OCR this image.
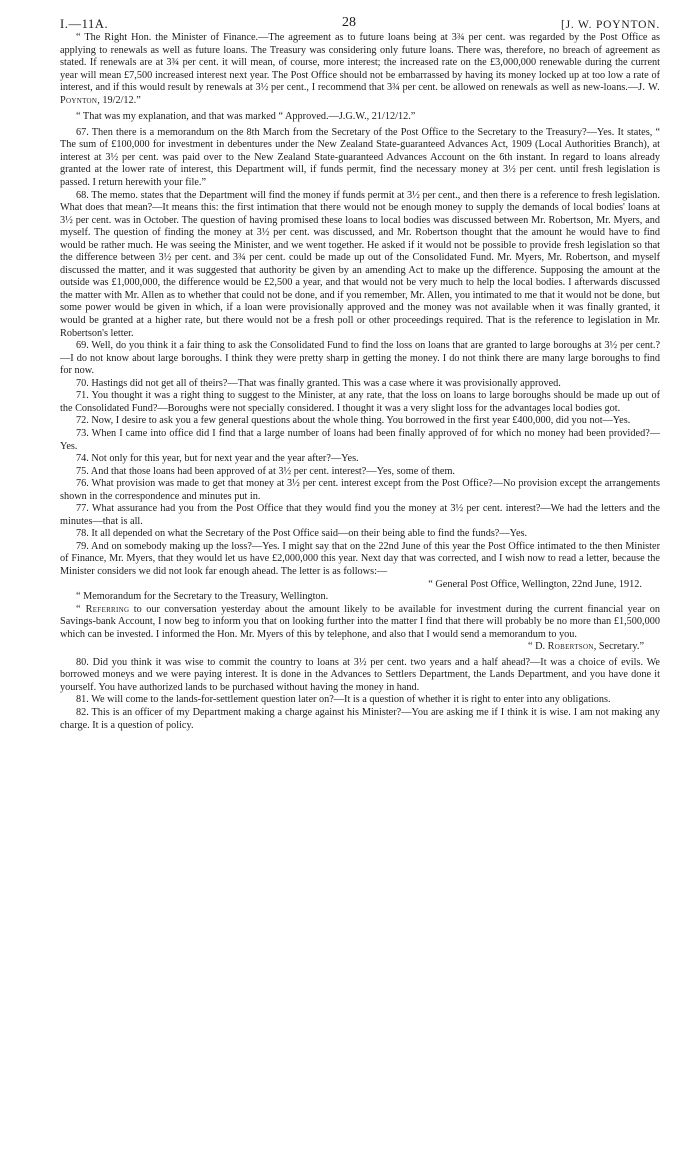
I.—11A.	28	[J. W. POYNTON.

“ The Right Hon. the Minister of Finance.—The agreement as to future loans being at 3¾ per cent. was regarded by the Post Office as applying to renewals as well as future loans. The Treasury was considering only future loans. There was, therefore, no breach of agreement as stated. If renewals are at 3¾ per cent. it will mean, of course, more interest; the increased rate on the £3,000,000 renewable during the current year will mean £7,500 increased interest next year. The Post Office should not be embarrassed by having its money locked up at too low a rate of interest, and if this would result by renewals at 3½ per cent., I recommend that 3¾ per cent. be allowed on renewals as well as new-loans.—J. W. Poynton, 19/2/12.”

“ That was my explanation, and that was marked “ Approved.—J.G.W., 21/12/12.”

67. Then there is a memorandum on the 8th March from the Secretary of the Post Office to the Secretary to the Treasury?—Yes. It states, “ The sum of £100,000 for investment in debentures under the New Zealand State-guaranteed Advances Act, 1909 (Local Authorities Branch), at interest at 3½ per cent. was paid over to the New Zealand State-guaranteed Advances Account on the 6th instant. In regard to loans already granted at the lower rate of interest, this Department will, if funds permit, find the necessary money at 3½ per cent. until fresh legislation is passed. I return herewith your file.”

68. The memo. states that the Department will find the money if funds permit at 3½ per cent., and then there is a reference to fresh legislation. What does that mean?—It means this: the first intimation that there would not be enough money to supply the demands of local bodies' loans at 3½ per cent. was in October. The question of having promised these loans to local bodies was discussed between Mr. Robertson, Mr. Myers, and myself. The question of finding the money at 3½ per cent. was discussed, and Mr. Robertson thought that the amount he would have to find would be rather much. He was seeing the Minister, and we went together. He asked if it would not be possible to provide fresh legislation so that the difference between 3½ per cent. and 3¾ per cent. could be made up out of the Consolidated Fund. Mr. Myers, Mr. Robertson, and myself discussed the matter, and it was suggested that authority be given by an amending Act to make up the difference. Supposing the amount at the outside was £1,000,000, the difference would be £2,500 a year, and that would not be very much to help the local bodies. I afterwards discussed the matter with Mr. Allen as to whether that could not be done, and if you remember, Mr. Allen, you intimated to me that it would not be done, but some power would be given in which, if a loan were provisionally approved and the money was not available when it was finally granted, it would be granted at a higher rate, but there would not be a fresh poll or other proceedings required. That is the reference to legislation in Mr. Robertson's letter.

69. Well, do you think it a fair thing to ask the Consolidated Fund to find the loss on loans that are granted to large boroughs at 3½ per cent.?—I do not know about large boroughs. I think they were pretty sharp in getting the money. I do not think there are many large boroughs to find for now.

70. Hastings did not get all of theirs?—That was finally granted. This was a case where it was provisionally approved.

71. You thought it was a right thing to suggest to the Minister, at any rate, that the loss on loans to large boroughs should be made up out of the Consolidated Fund?—Boroughs were not specially considered. I thought it was a very slight loss for the advantages local bodies got.

72. Now, I desire to ask you a few general questions about the whole thing. You borrowed in the first year £400,000, did you not—Yes.

73. When I came into office did I find that a large number of loans had been finally approved of for which no money had been provided?—Yes.

74. Not only for this year, but for next year and the year after?—Yes.

75. And that those loans had been approved of at 3½ per cent. interest?—Yes, some of them.

76. What provision was made to get that money at 3½ per cent. interest except from the Post Office?—No provision except the arrangements shown in the correspondence and minutes put in.

77. What assurance had you from the Post Office that they would find you the money at 3½ per cent. interest?—We had the letters and the minutes—that is all.

78. It all depended on what the Secretary of the Post Office said—on their being able to find the funds?—Yes.

79. And on somebody making up the loss?—Yes. I might say that on the 22nd June of this year the Post Office intimated to the then Minister of Finance, Mr. Myers, that they would let us have £2,000,000 this year. Next day that was corrected, and I wish now to read a letter, because the Minister considers we did not look far enough ahead. The letter is as follows:—

“ General Post Office, Wellington, 22nd June, 1912.

“ Memorandum for the Secretary to the Treasury, Wellington.

“ Referring to our conversation yesterday about the amount likely to be available for investment during the current financial year on Savings-bank Account, I now beg to inform you that on looking further into the matter I find that there will probably be no more than £1,500,000 which can be invested. I informed the Hon. Mr. Myers of this by telephone, and also that I would send a memorandum to you.

“ D. Robertson, Secretary.”

80. Did you think it was wise to commit the country to loans at 3½ per cent. two years and a half ahead?—It was a choice of evils. We borrowed moneys and we were paying interest. It is done in the Advances to Settlers Department, the Lands Department, and you have done it yourself. You have authorized lands to be purchased without having the money in hand.

81. We will come to the lands-for-settlement question later on?—It is a question of whether it is right to enter into any obligations.

82. This is an officer of my Department making a charge against his Minister?—You are asking me if I think it is wise. I am not making any charge. It is a question of policy.
